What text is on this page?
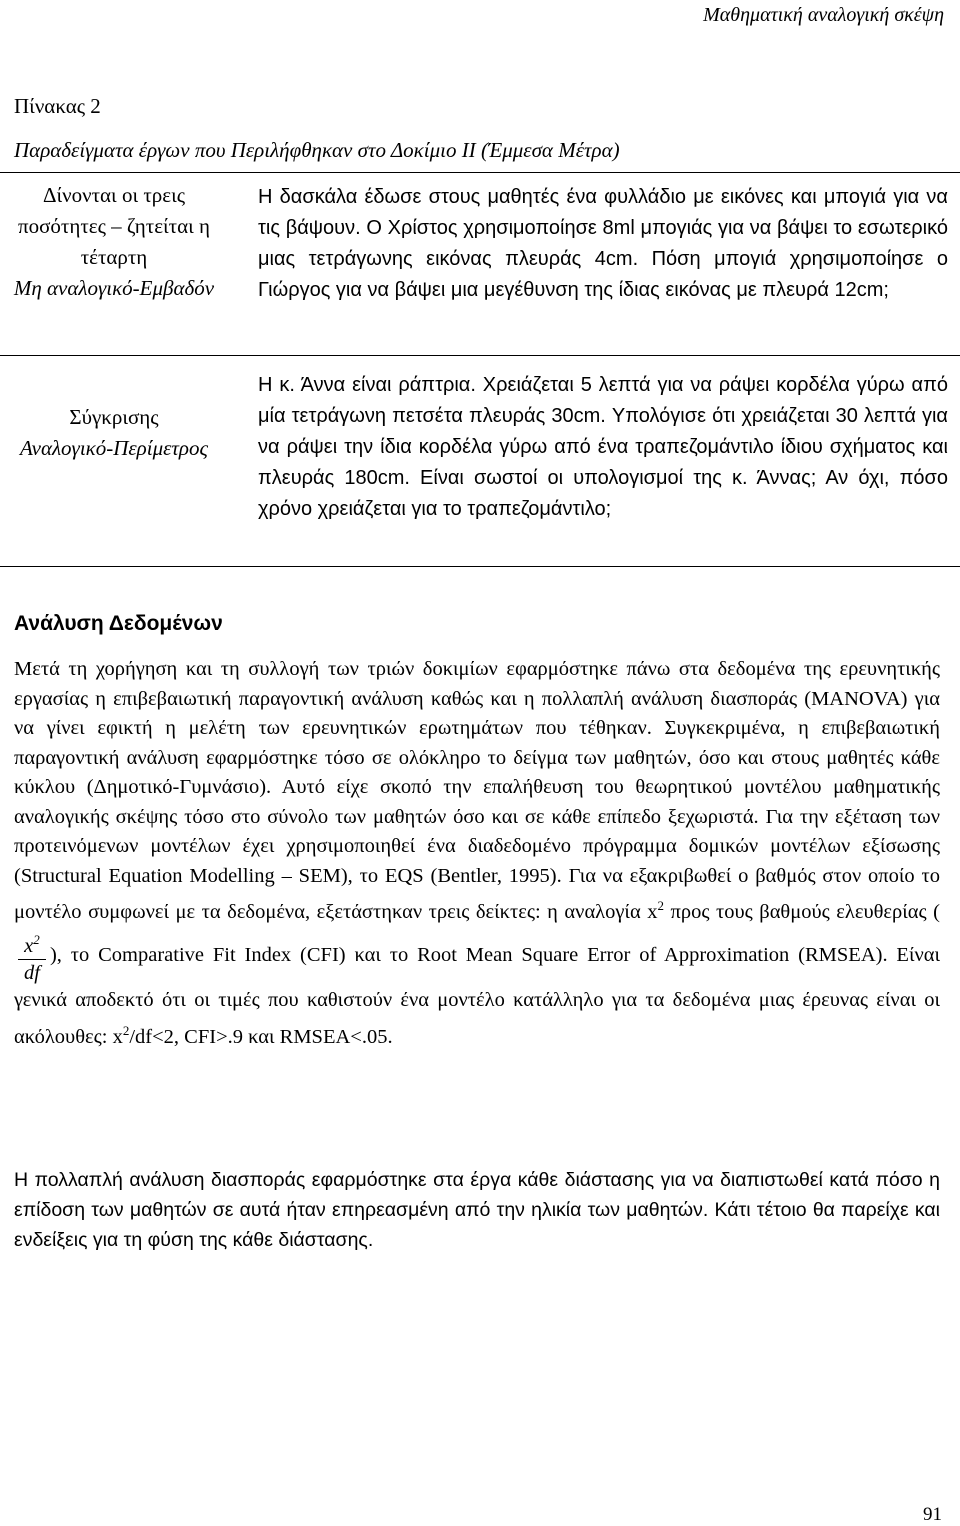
Μαθηματική αναλογική σκέψη
Πίνακας 2
Παραδείγματα έργων που Περιλήφθηκαν στο Δοκίμιο ΙΙ (Έμμεσα Μέτρα)
Δίνονται οι τρεις ποσότητες – ζητείται η τέταρτη
Μη αναλογικό-Εμβαδόν
Η δασκάλα έδωσε στους μαθητές ένα φυλλάδιο με εικόνες και μπογιά για να τις βάψουν. Ο Χρίστος χρησιμοποίησε 8ml μπογιάς για να βάψει το εσωτερικό μιας τετράγωνης εικόνας πλευράς 4cm. Πόση μπογιά χρησιμοποίησε ο Γιώργος για να βάψει μια μεγέθυνση της ίδιας εικόνας με πλευρά 12cm;
Σύγκρισης
Αναλογικό-Περίμετρος
Η κ. Άννα είναι ράπτρια. Χρειάζεται 5 λεπτά για να ράψει κορδέλα γύρω από μία τετράγωνη πετσέτα πλευράς 30cm. Υπολόγισε ότι χρειάζεται 30 λεπτά για να ράψει την ίδια κορδέλα γύρω από ένα τραπεζομάντιλο ίδιου σχήματος και πλευράς 180cm. Είναι σωστοί οι υπολογισμοί της κ. Άννας; Αν όχι, πόσο χρόνο χρειάζεται για το τραπεζομάντιλο;
Ανάλυση Δεδομένων
Μετά τη χορήγηση και τη συλλογή των τριών δοκιμίων εφαρμόστηκε πάνω στα δεδομένα της ερευνητικής εργασίας η επιβεβαιωτική παραγοντική ανάλυση καθώς και η πολλαπλή ανάλυση διασποράς (MANOVA) για να γίνει εφικτή η μελέτη των ερευνητικών ερωτημάτων που τέθηκαν. Συγκεκριμένα, η επιβεβαιωτική παραγοντική ανάλυση εφαρμόστηκε τόσο σε ολόκληρο το δείγμα των μαθητών, όσο και στους μαθητές κάθε κύκλου (Δημοτικό-Γυμνάσιο). Αυτό είχε σκοπό την επαλήθευση του θεωρητικού μοντέλου μαθηματικής αναλογικής σκέψης τόσο στο σύνολο των μαθητών όσο και σε κάθε επίπεδο ξεχωριστά. Για την εξέταση των προτεινόμενων μοντέλων έχει χρησιμοποιηθεί ένα διαδεδομένο πρόγραμμα δομικών μοντέλων εξίσωσης (Structural Equation Modelling – SEM), το EQS (Bentler, 1995). Για να εξακριβωθεί ο βαθμός στον οποίο το μοντέλο συμφωνεί με τα δεδομένα, εξετάστηκαν τρεις δείκτες: η αναλογία $x^2$ προς τους βαθμούς ελευθερίας (
$\frac{x^2}{df}$ ), το Comparative Fit Index (CFI) και το Root Mean Square Error of Approximation (RMSEA). Είναι γενικά αποδεκτό ότι οι τιμές που καθιστούν ένα μοντέλο κατάλληλο για τα δεδομένα μιας έρευνας είναι οι ακόλουθες: $x^2/df<2$, CFI>.9 και RMSEA<.05.
Η πολλαπλή ανάλυση διασποράς εφαρμόστηκε στα έργα κάθε διάστασης για να διαπιστωθεί κατά πόσο η επίδοση των μαθητών σε αυτά ήταν επηρεασμένη από την ηλικία των μαθητών. Κάτι τέτοιο θα παρείχε και ενδείξεις για τη φύση της κάθε διάστασης.
91
